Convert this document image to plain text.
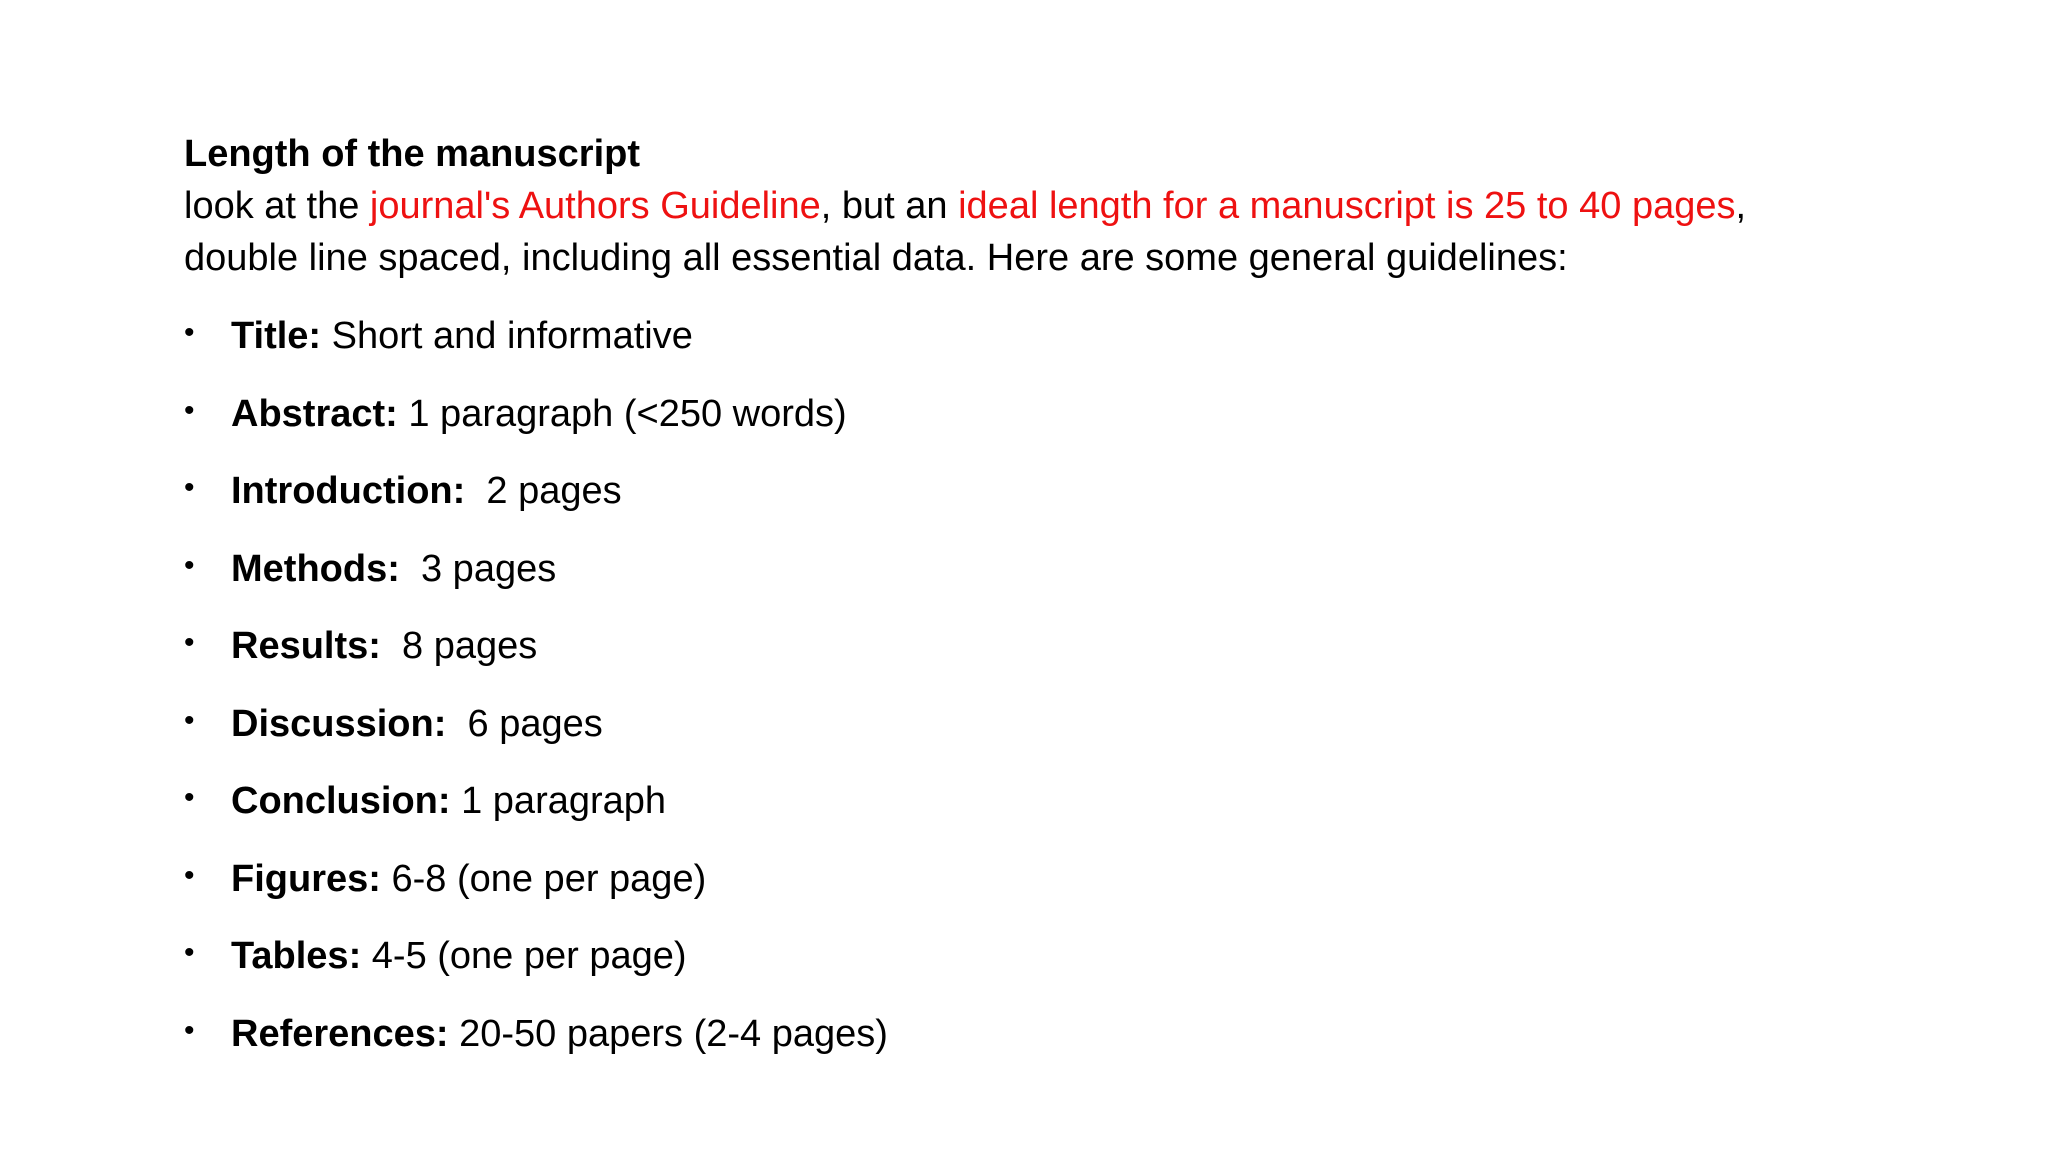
Length of the manuscript

look at the journal's Authors Guideline, but an ideal length for a manuscript is 25 to 40 pages,
double line spaced, including all essential data. Here are some general guidelines:

• Title: Short and informative
• Abstract: 1 paragraph (<250 words)
• Introduction:  2 pages
• Methods:  3 pages
• Results:  8 pages
• Discussion:  6 pages
• Conclusion: 1 paragraph
• Figures: 6-8 (one per page)
• Tables: 4-5 (one per page)
• References: 20-50 papers (2-4 pages)
